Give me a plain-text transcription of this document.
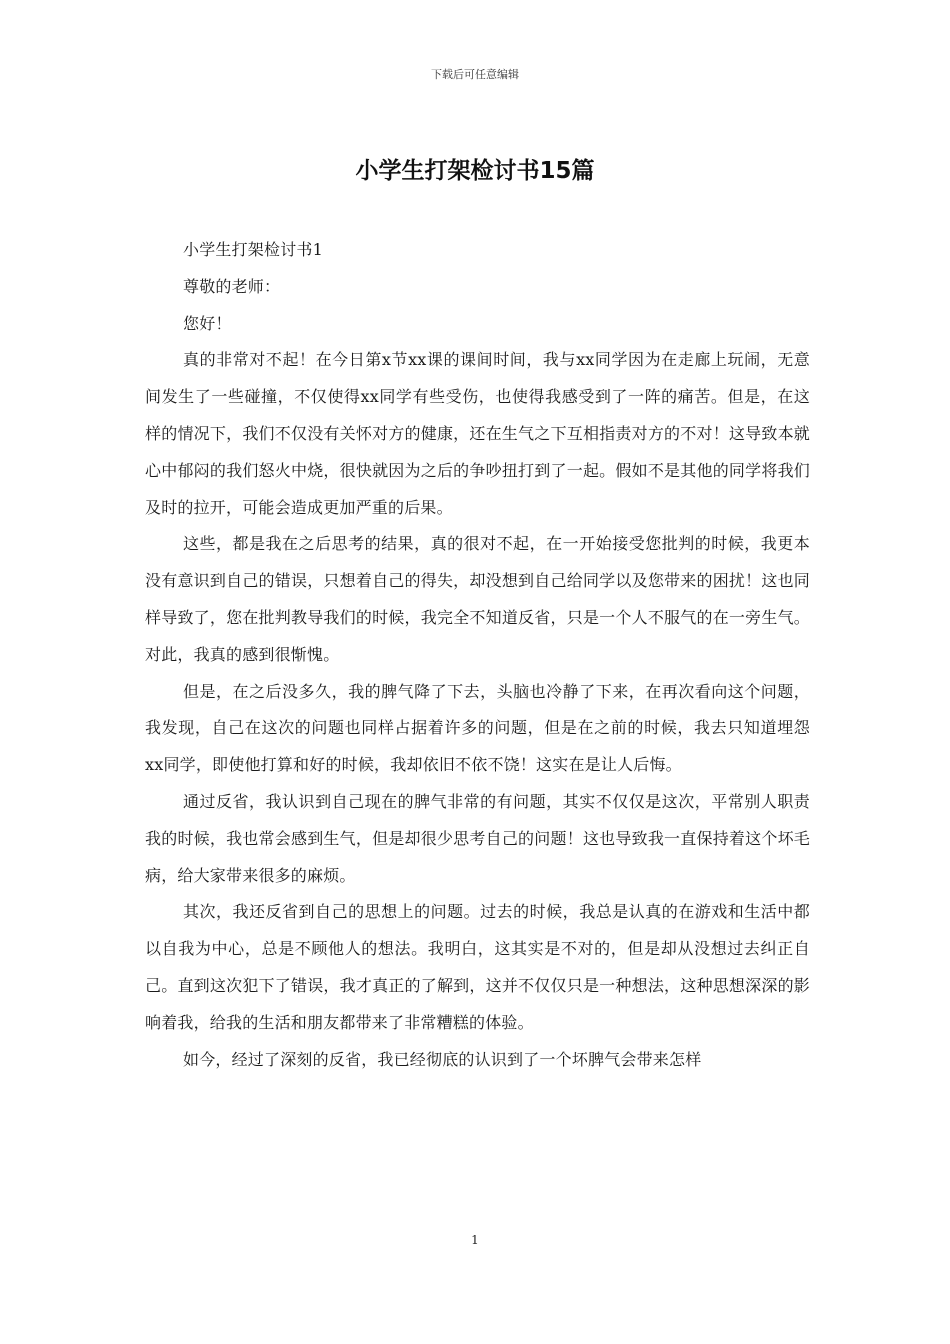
下载后可任意编辑
小学生打架检讨书15篇

小学生打架检讨书1

尊敬的老师：

您好！

真的非常对不起！在今日第x节xx课的课间时间，我与xx同学因为在走廊上玩闹，无意间发生了一些碰撞，不仅使得xx同学有些受伤，也使得我感受到了一阵的痛苦。但是，在这样的情况下，我们不仅没有关怀对方的健康，还在生气之下互相指责对方的不对！这导致本就心中郁闷的我们怒火中烧，很快就因为之后的争吵扭打到了一起。假如不是其他的同学将我们及时的拉开，可能会造成更加严重的后果。

这些，都是我在之后思考的结果，真的很对不起，在一开始接受您批判的时候，我更本没有意识到自己的错误，只想着自己的得失，却没想到自己给同学以及您带来的困扰！这也同样导致了，您在批判教导我们的时候，我完全不知道反省，只是一个人不服气的在一旁生气。对此，我真的感到很惭愧。

但是，在之后没多久，我的脾气降了下去，头脑也冷静了下来，在再次看向这个问题，我发现，自己在这次的问题也同样占据着许多的问题，但是在之前的时候，我去只知道埋怨xx同学，即使他打算和好的时候，我却依旧不依不饶！这实在是让人后悔。

通过反省，我认识到自己现在的脾气非常的有问题，其实不仅仅是这次，平常别人职责我的时候，我也常会感到生气，但是却很少思考自己的问题！这也导致我一直保持着这个坏毛病，给大家带来很多的麻烦。

其次，我还反省到自己的思想上的问题。过去的时候，我总是认真的在游戏和生活中都以自我为中心，总是不顾他人的想法。我明白，这其实是不对的，但是却从没想过去纠正自己。直到这次犯下了错误，我才真正的了解到，这并不仅仅只是一种想法，这种思想深深的影响着我，给我的生活和朋友都带来了非常糟糕的体验。

如今，经过了深刻的反省，我已经彻底的认识到了一个坏脾气会带来怎样

1
